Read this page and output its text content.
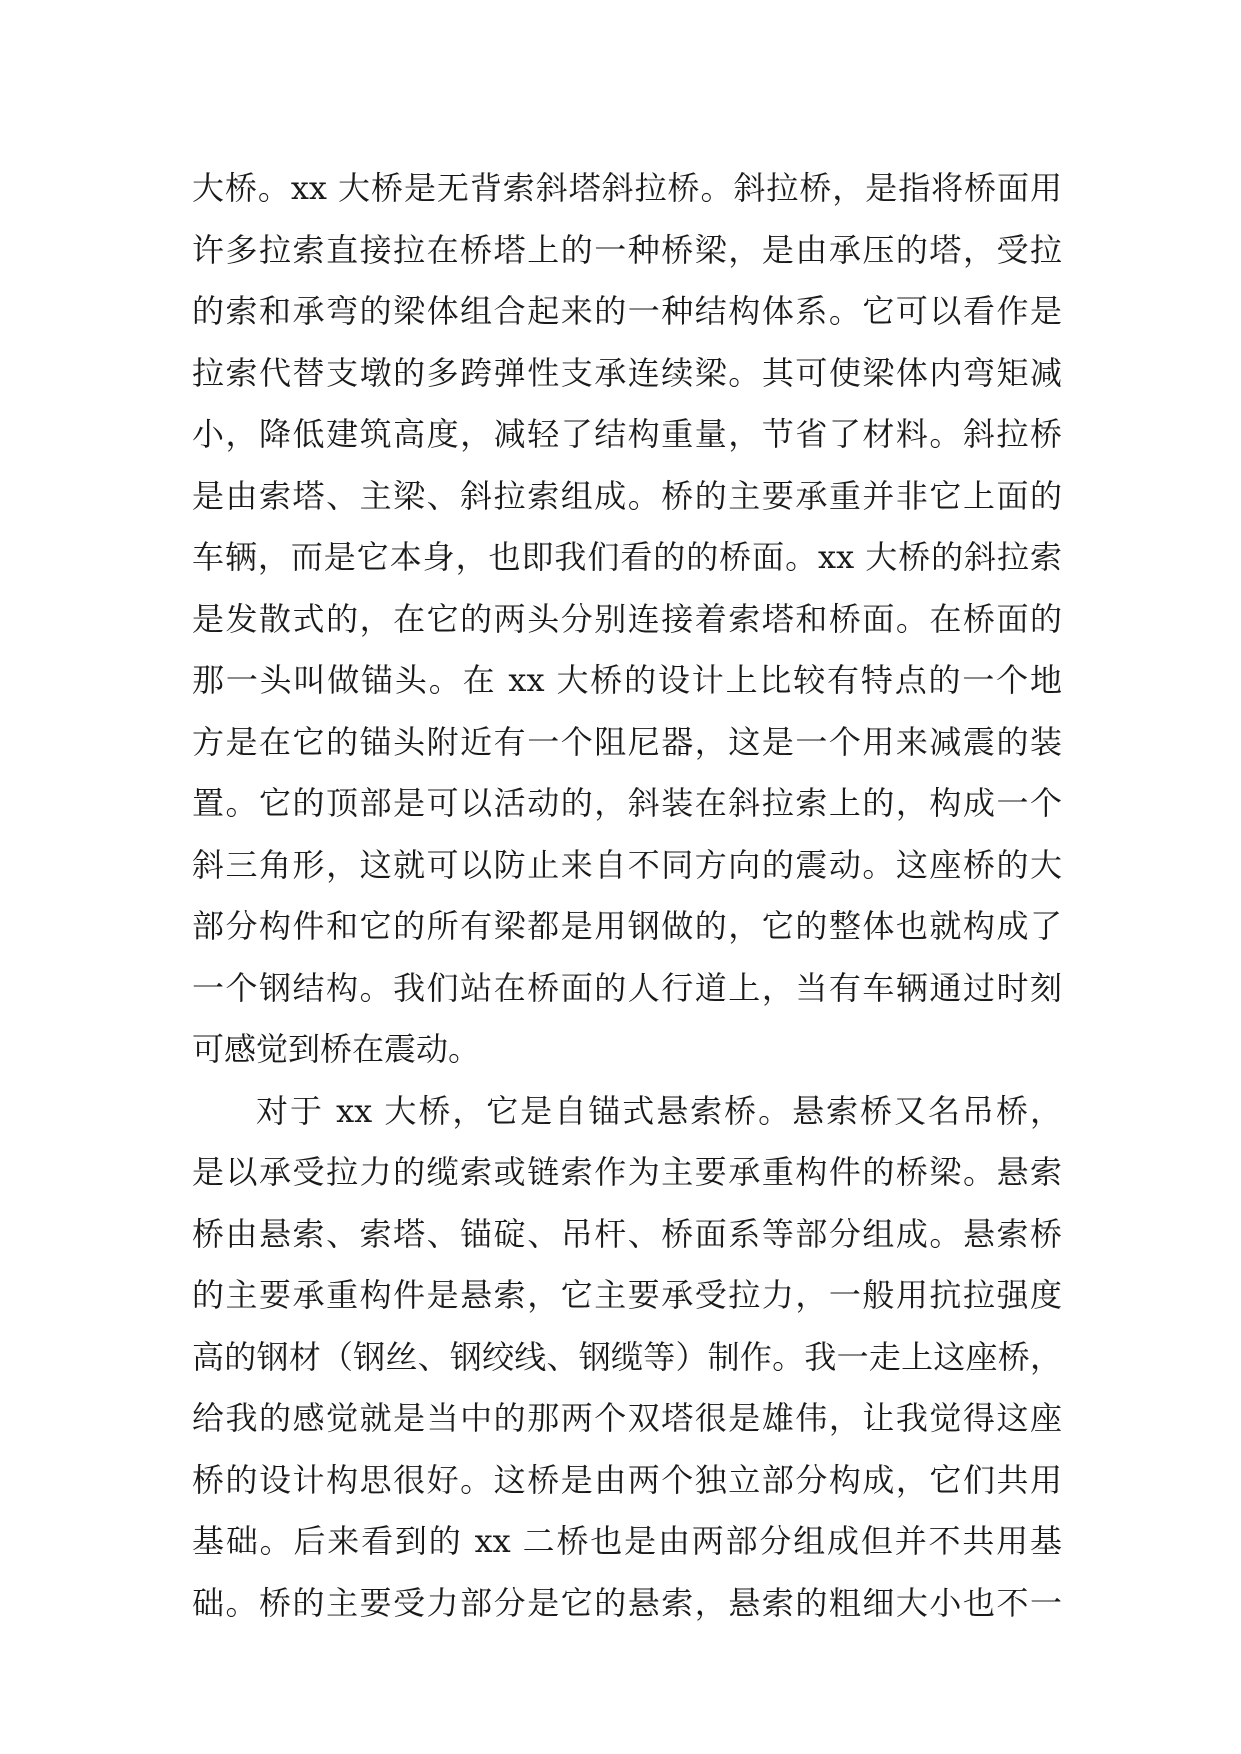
大桥。xx 大桥是无背索斜塔斜拉桥。斜拉桥，是指将桥面用
许多拉索直接拉在桥塔上的一种桥梁，是由承压的塔，受拉
的索和承弯的梁体组合起来的一种结构体系。它可以看作是
拉索代替支墩的多跨弹性支承连续梁。其可使梁体内弯矩减
小，降低建筑高度，减轻了结构重量，节省了材料。斜拉桥
是由索塔、主梁、斜拉索组成。桥的主要承重并非它上面的
车辆，而是它本身，也即我们看的的桥面。xx 大桥的斜拉索
是发散式的，在它的两头分别连接着索塔和桥面。在桥面的
那一头叫做锚头。在 xx 大桥的设计上比较有特点的一个地
方是在它的锚头附近有一个阻尼器，这是一个用来减震的装
置。它的顶部是可以活动的，斜装在斜拉索上的，构成一个
斜三角形，这就可以防止来自不同方向的震动。这座桥的大
部分构件和它的所有梁都是用钢做的，它的整体也就构成了
一个钢结构。我们站在桥面的人行道上，当有车辆通过时刻
可感觉到桥在震动。
对于 xx 大桥，它是自锚式悬索桥。悬索桥又名吊桥，
是以承受拉力的缆索或链索作为主要承重构件的桥梁。悬索
桥由悬索、索塔、锚碇、吊杆、桥面系等部分组成。悬索桥
的主要承重构件是悬索，它主要承受拉力，一般用抗拉强度
高的钢材（钢丝、钢绞线、钢缆等）制作。我一走上这座桥，
给我的感觉就是当中的那两个双塔很是雄伟，让我觉得这座
桥的设计构思很好。这桥是由两个独立部分构成，它们共用
基础。后来看到的 xx 二桥也是由两部分组成但并不共用基
础。桥的主要受力部分是它的悬索，悬索的粗细大小也不一
